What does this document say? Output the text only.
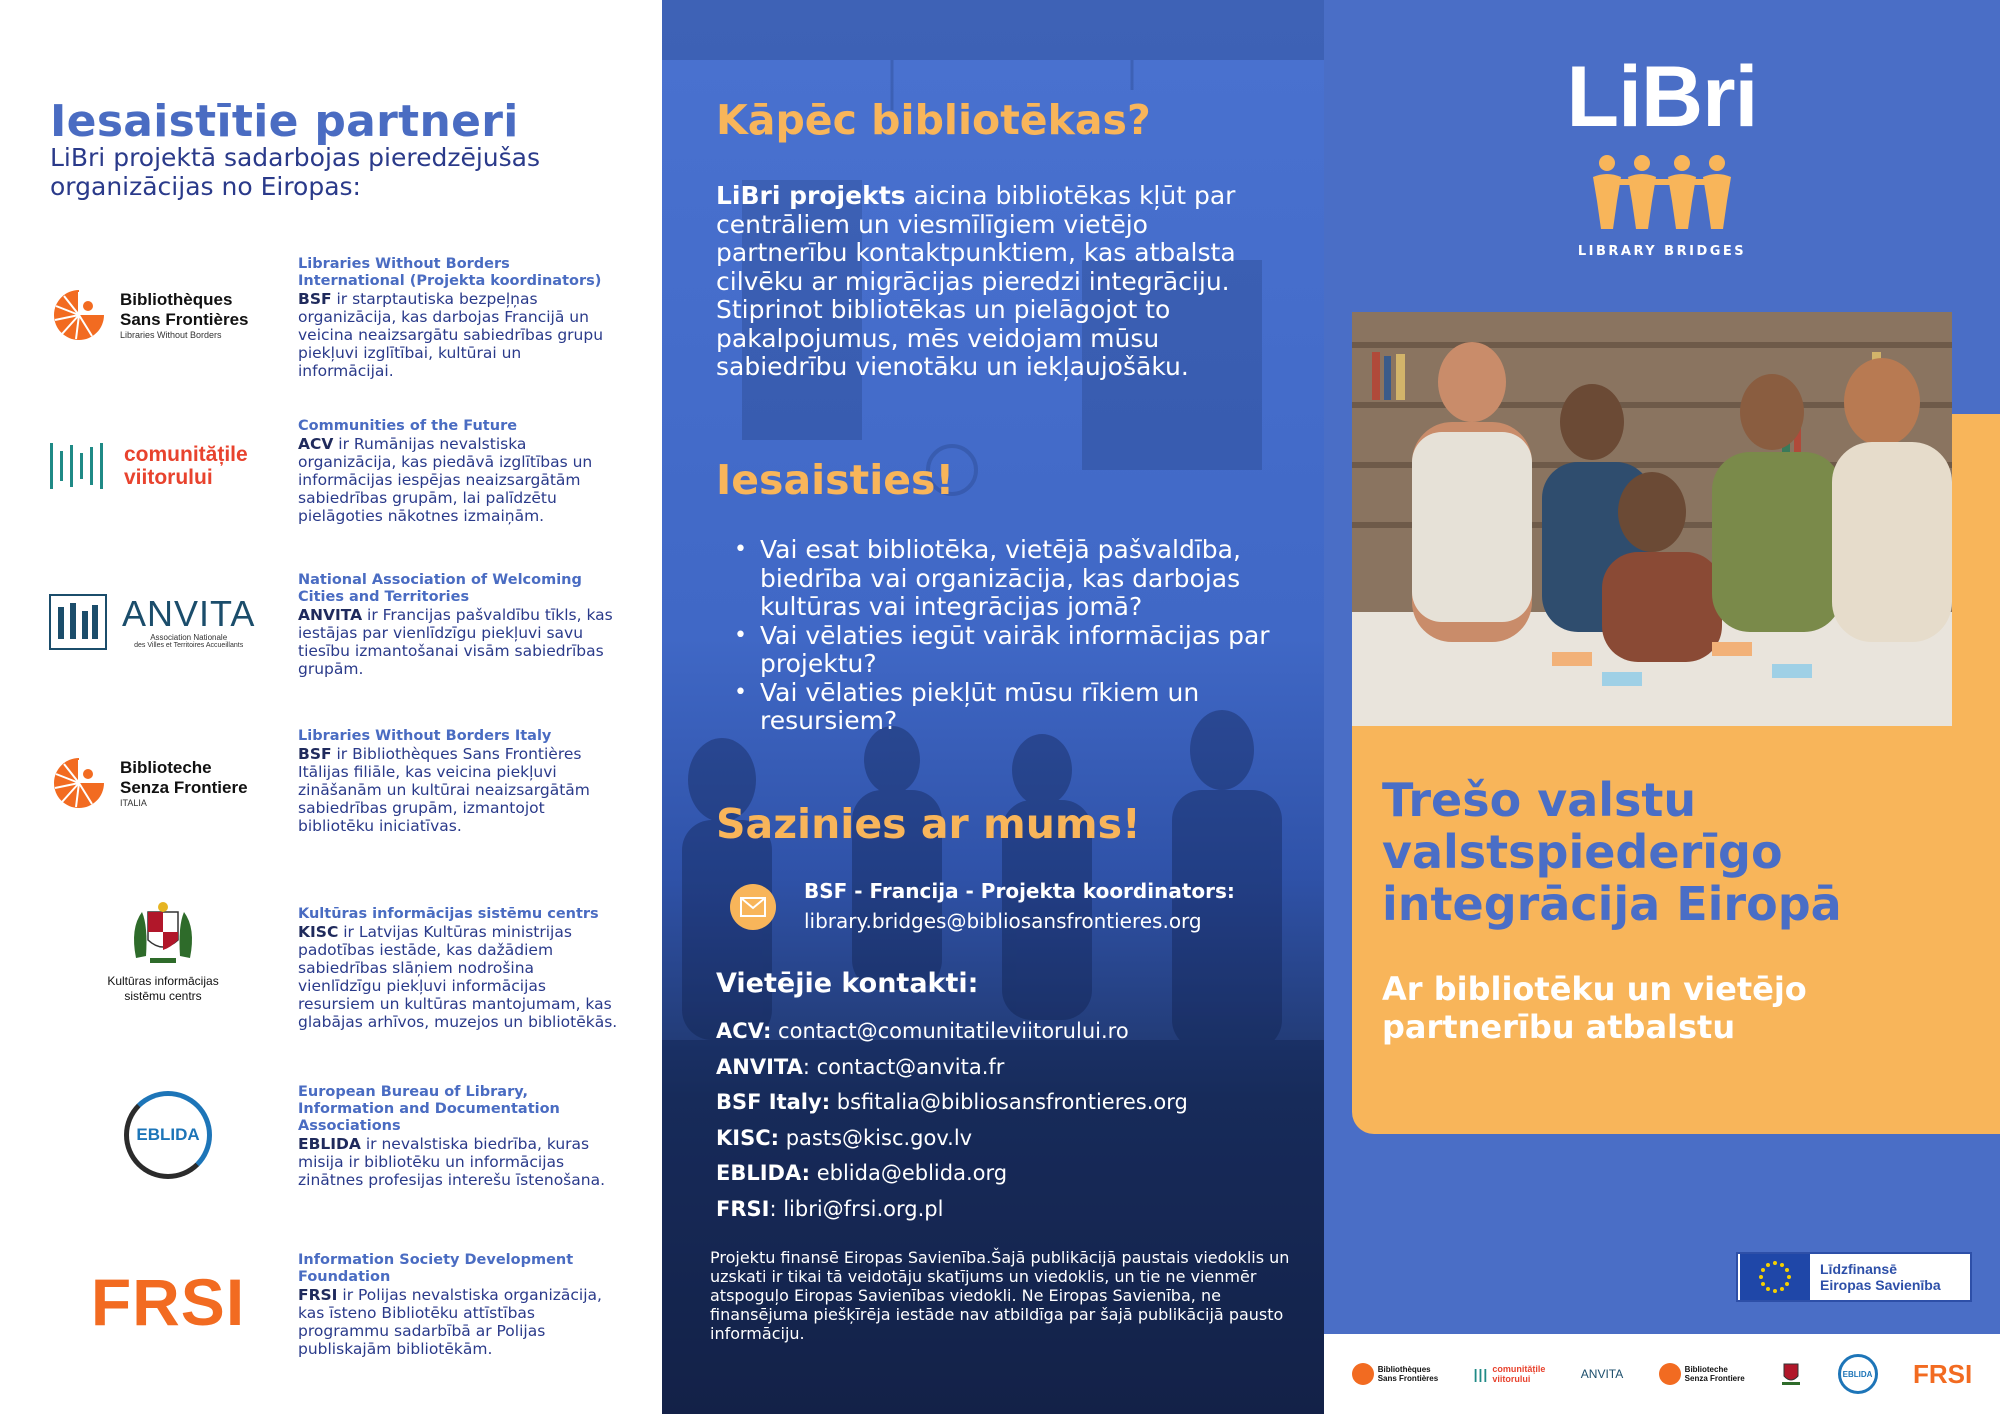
Iesaistītie partneri
LiBri projektā sadarbojas pieredzējušas organizācijas no Eiropas:
Bibliothèques
Sans Frontières
Libraries Without Borders
Libraries Without Borders International (Projekta koordinators)
BSF ir starptautiska bezpeļņas organizācija, kas darbojas Francijā un veicina neaizsargātu sabiedrības grupu piekļuvi izglītībai, kultūrai un informācijai.
comunitățile
viitorului
Communities of the Future
ACV ir Rumānijas nevalstiska organizācija, kas piedāvā izglītības un informācijas iespējas neaizsargātām sabiedrības grupām, lai palīdzētu pielāgoties nākotnes izmaiņām.
ANVITA
Association Nationale
des Villes et Territoires Accueillants
National Association of Welcoming Cities and Territories
ANVITA ir Francijas pašvaldību tīkls, kas iestājas par vienlīdzīgu piekļuvi savu tiesību izmantošanai visām sabiedrības grupām.
Biblioteche
Senza Frontiere
ITALIA
Libraries Without Borders Italy
BSF ir Bibliothèques Sans Frontières Itālijas filiāle, kas veicina piekļuvi zināšanām un kultūrai neaizsargātām sabiedrības grupām, izmantojot bibliotēku iniciatīvas.
Kultūras informācijas
sistēmu centrs
Kultūras informācijas sistēmu centrs
KISC ir Latvijas Kultūras ministrijas padotības iestāde, kas dažādiem sabiedrības slāņiem nodrošina vienlīdzīgu piekļuvi informācijas resursiem un kultūras mantojumam, kas glabājas arhīvos, muzejos un bibliotēkās.
EBLIDA
European Bureau of Library, Information and Documentation Associations
EBLIDA ir nevalstiska biedrība, kuras misija ir bibliotēku un informācijas zinātnes profesijas interešu īstenošana.
FRSI
Information Society Development Foundation
FRSI ir Polijas nevalstiska organizācija, kas īsteno Bibliotēku attīstības programmu sadarbībā ar Polijas publiskajām bibliotēkām.
Kāpēc bibliotēkas?
LiBri projekts aicina bibliotēkas kļūt par centrāliem un viesmīlīgiem vietējo partnerību kontaktpunktiem, kas atbalsta cilvēku ar migrācijas pieredzi integrāciju. Stiprinot bibliotēkas un pielāgojot to pakalpojumus, mēs veidojam mūsu sabiedrību vienotāku un iekļaujošāku.
Iesaisties!
• Vai esat bibliotēka, vietējā pašvaldība, biedrība vai organizācija, kas darbojas kultūras vai integrācijas jomā?
• Vai vēlaties iegūt vairāk informācijas par projektu?
• Vai vēlaties piekļūt mūsu rīkiem un resursiem?
Sazinies ar mums!
BSF - Francija - Projekta koordinators:
library.bridges@bibliosansfrontieres.org
Vietējie kontakti:
ACV: contact@comunitatileviitorului.ro
ANVITA: contact@anvita.fr
BSF Italy: bsfitalia@bibliosansfrontieres.org
KISC: pasts@kisc.gov.lv
EBLIDA: eblida@eblida.org
FRSI: libri@frsi.org.pl
Projektu finansē Eiropas Savienība.Šajā publikācijā paustais viedoklis un uzskati ir tikai tā veidotāju skatījums un viedoklis, un tie ne vienmēr atspoguļo Eiropas Savienības viedokli. Ne Eiropas Savienība, ne finansējuma piešķīrēja iestāde nav atbildīga par šajā publikācijā pausto informāciju.
LiBri
LIBRARY BRIDGES
Trešo valstu valstspiederīgo integrācija Eiropā
Ar bibliotēku un vietējo partnerību atbalstu
Līdzfinansē
Eiropas Savienība
Bibliothèques
Sans Frontières	||| comunitățile
viitorului	ANVITA	Biblioteche
Senza Frontiere	EBLIDA FRSI
